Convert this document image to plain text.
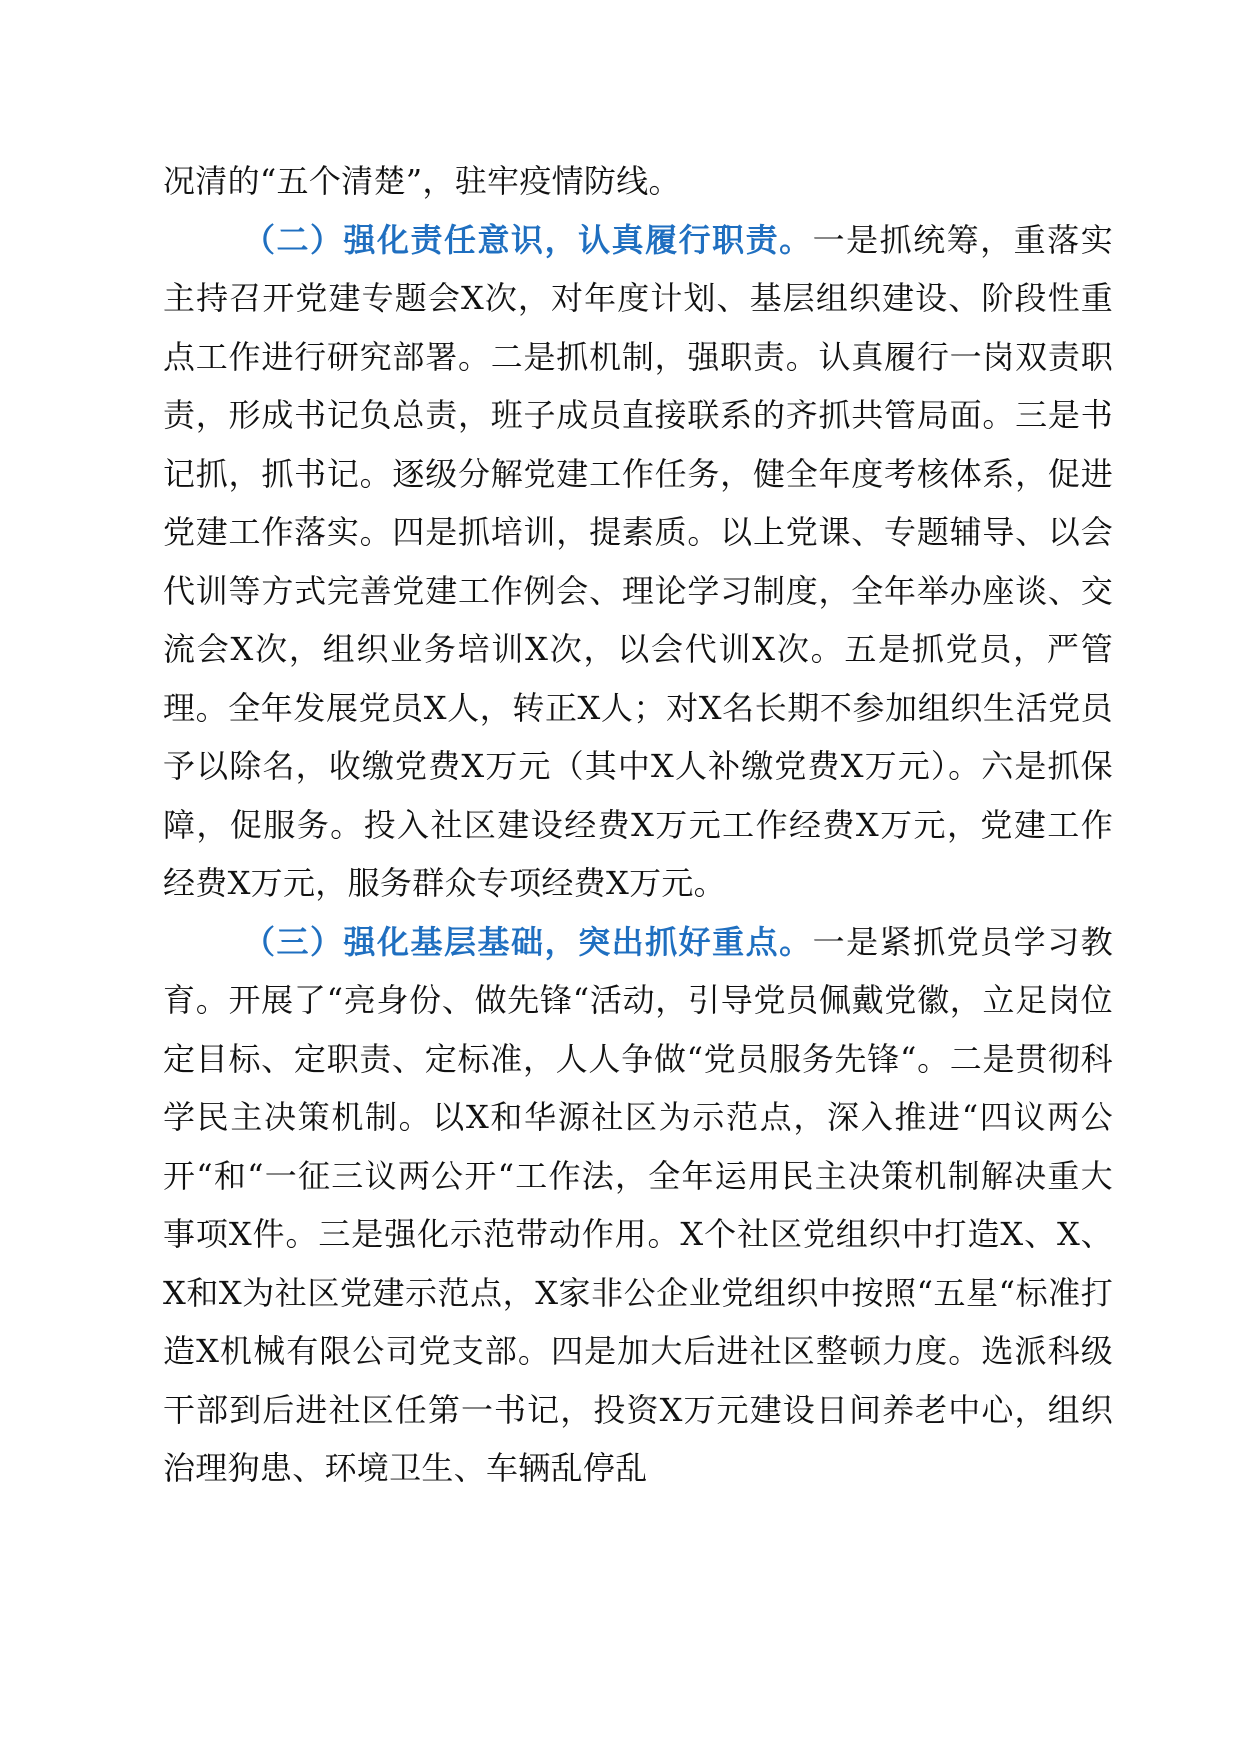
况清的“五个清楚”，驻牢疫情防线。

（二）强化责任意识，认真履行职责。一是抓统筹，重落实主持召开党建专题会X次，对年度计划、基层组织建设、阶段性重点工作进行研究部署。二是抓机制，强职责。认真履行一岗双责职责，形成书记负总责，班子成员直接联系的齐抓共管局面。三是书记抓，抓书记。逐级分解党建工作任务，健全年度考核体系，促进党建工作落实。四是抓培训，提素质。以上党课、专题辅导、以会代训等方式完善党建工作例会、理论学习制度，全年举办座谈、交流会X次，组织业务培训X次，以会代训X次。五是抓党员，严管理。全年发展党员X人，转正X人；对X名长期不参加组织生活党员予以除名，收缴党费X万元（其中X人补缴党费X万元）。六是抓保障，促服务。投入社区建设经费X万元工作经费X万元，党建工作经费X万元，服务群众专项经费X万元。

（三）强化基层基础，突出抓好重点。一是紧抓党员学习教育。开展了“亮身份、做先锋“活动，引导党员佩戴党徽，立足岗位定目标、定职责、定标准，人人争做“党员服务先锋“。二是贯彻科学民主决策机制。以X和华源社区为示范点，深入推进“四议两公开“和“一征三议两公开“工作法，全年运用民主决策机制解决重大事项X件。三是强化示范带动作用。X个社区党组织中打造X、X、X和X为社区党建示范点，X家非公企业党组织中按照“五星“标准打造X机械有限公司党支部。四是加大后进社区整顿力度。选派科级干部到后进社区任第一书记，投资X万元建设日间养老中心，组织治理狗患、环境卫生、车辆乱停乱
